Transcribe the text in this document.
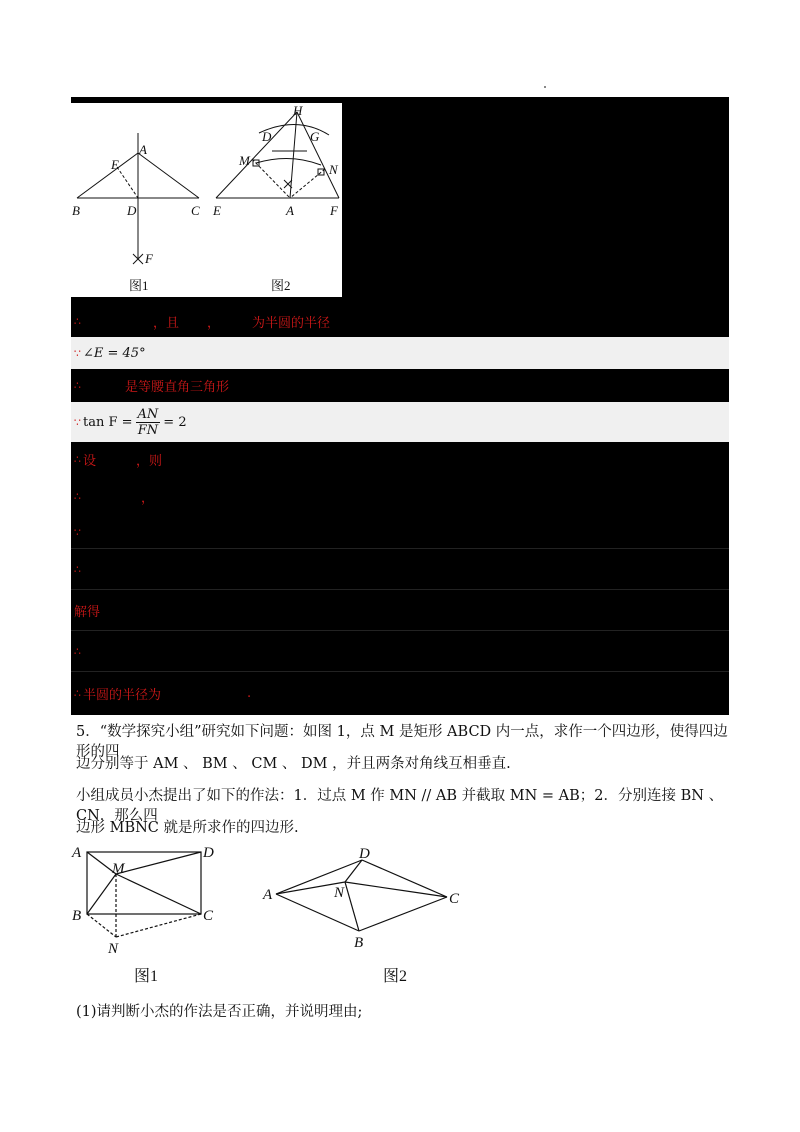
A
E
B	D	C
F
H
D	G
M
N
E	A	F
图1	图2
∴	，且 ， 为半圆的半径
∵ ∠E = 45°
∴	是等腰直角三角形
∵ $\tan F = \frac{AN}{FN} = 2$
∴ 设	，则
∴	，
∵
∴
解得
∴
∴ 半圆的半径为	.
5．“数学探究小组”研究如下问题：如图 1，点 M 是矩形 ABCD 内一点，求作一个四边形，使得四边形的四
边分别等于 AM 、 BM 、 CM 、 DM ，并且两条对角线互相垂直.
小组成员小杰提出了如下的作法：1．过点 M 作 MN // AB 并截取 MN = AB；2．分别连接 BN 、 CN．那么四
边形 MBNC 就是所求作的四边形.
A	D
M
B	C
N
A
D
N	C
B
图1	图2
(1)请判断小杰的作法是否正确，并说明理由;
